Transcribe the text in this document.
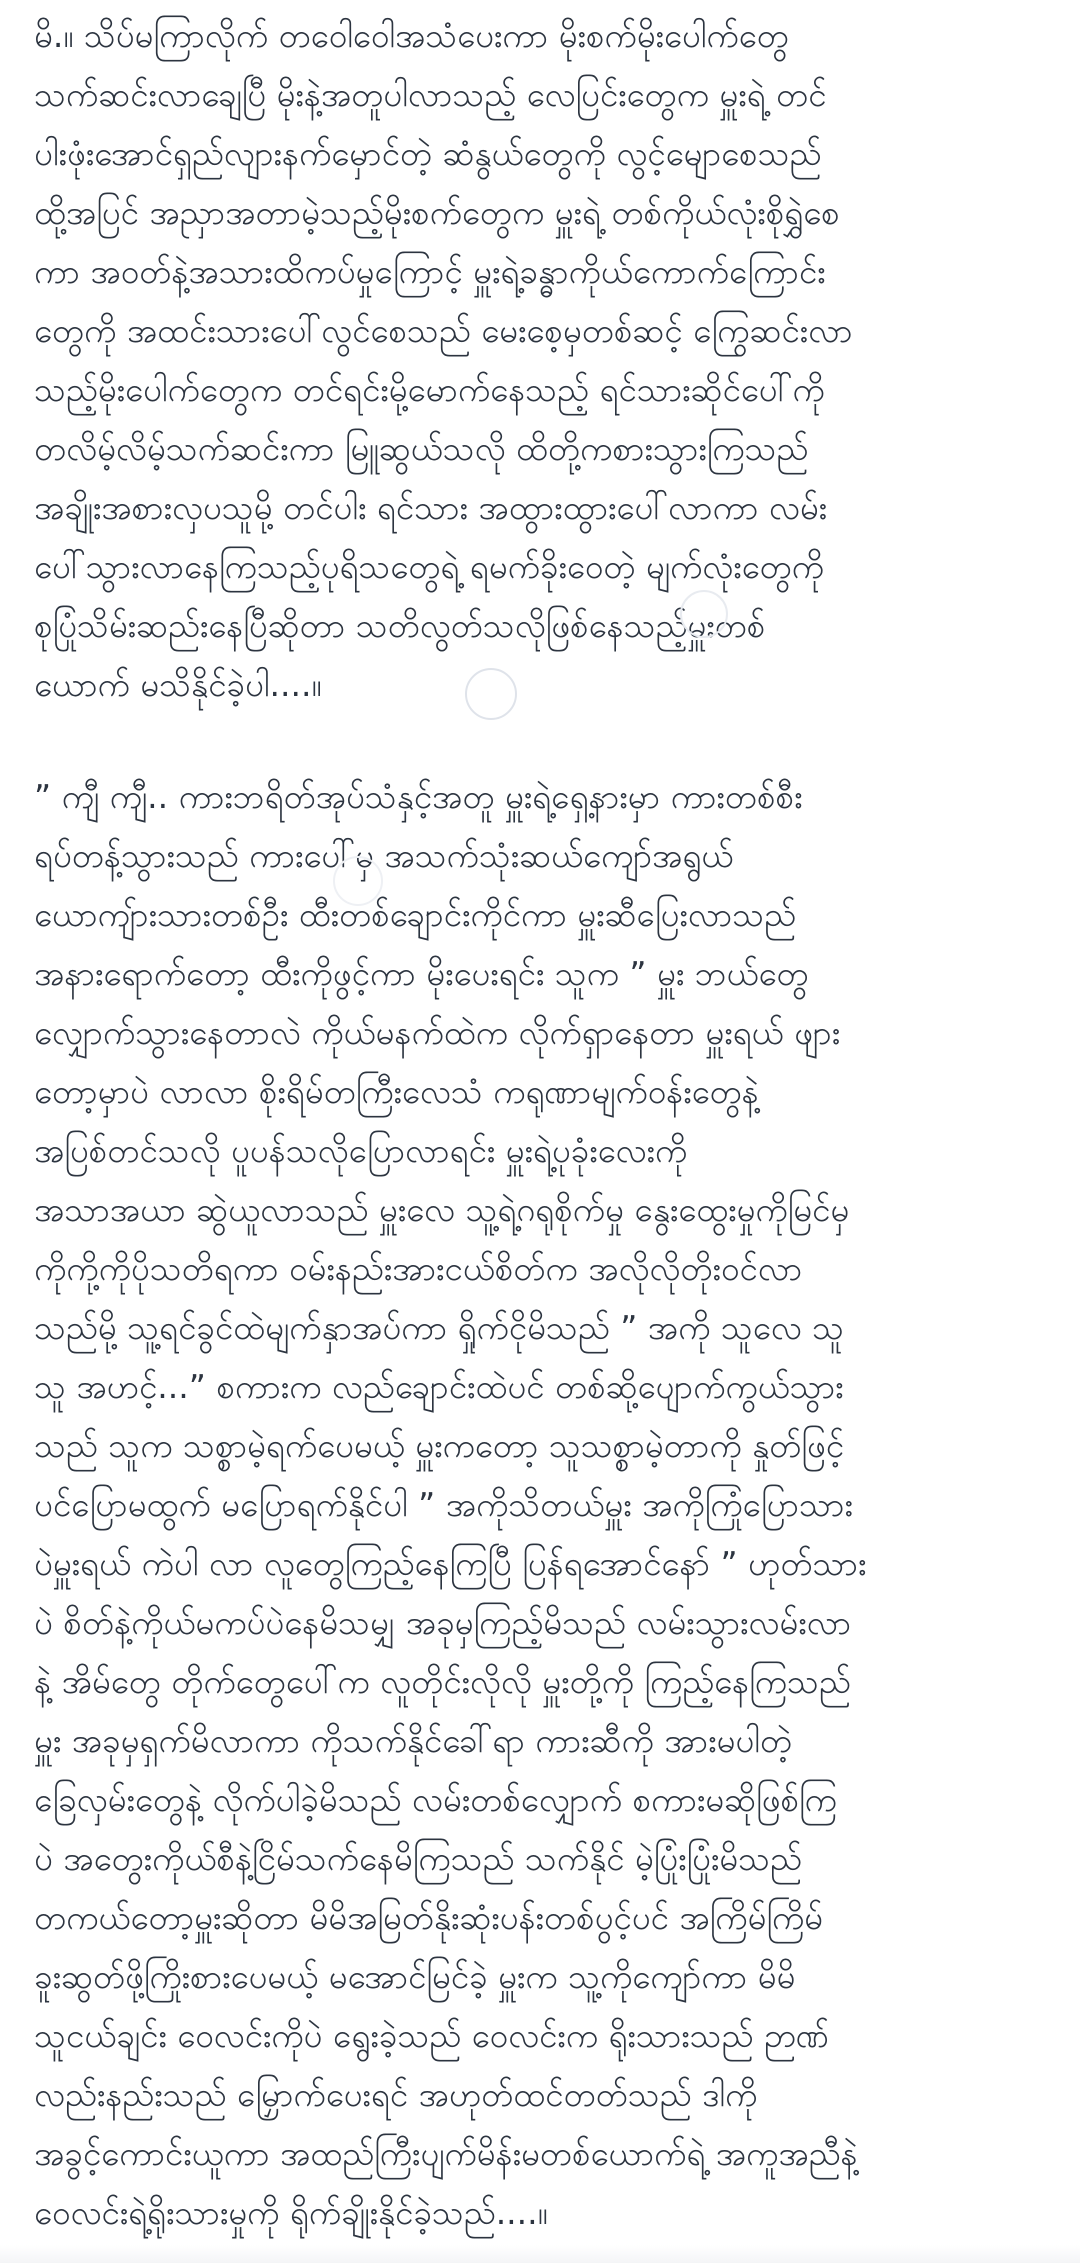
မိ.။ သိပ်မကြာလိုက် တဝေါဝေါအသံပေးကာ မိုးစက်မိုးပေါက်တွေ
သက်ဆင်းလာချေပြီ မိုးနဲ့အတူပါလာသည့် လေပြင်းတွေက မှူးရဲ့ တင်
ပါးဖုံးအောင်ရှည်လျားနက်မှောင်တဲ့ ဆံနွယ်တွေကို လွင့်မျောစေသည်
ထို့အပြင် အညှာအတာမဲ့သည့်မိုးစက်တွေက မှူးရဲ့ တစ်ကိုယ်လုံးစိုရွှဲစေ
ကာ အဝတ်နဲ့အသားထိကပ်မှုကြောင့် မှူးရဲ့ခန္ဓာကိုယ်ကောက်ကြောင်း
တွေကို အထင်းသားပေါ်လွင်စေသည် မေးစေ့မှတစ်ဆင့် ကြွေဆင်းလာ
သည့်မိုးပေါက်တွေက တင်ရင်းမို့မောက်နေသည့် ရင်သားဆိုင်ပေါ်ကို
တလိမ့်လိမ့်သက်ဆင်းကာ မြူဆွယ်သလို ထိတို့ကစားသွားကြသည်
အချိုးအစားလှပသူမို့ တင်ပါး ရင်သား အထွားထွားပေါ်လာကာ လမ်း
ပေါ်သွားလာနေကြသည့်ပုရိသတွေရဲ့ ရမက်ခိုးဝေတဲ့ မျက်လုံးတွေကို
စုပြုံသိမ်းဆည်းနေပြီဆိုတာ သတိလွတ်သလိုဖြစ်နေသည့်မှူးတစ်
ယောက် မသိနိုင်ခဲ့ပါ....။
” ကျီ ကျီ.. ကားဘရိတ်အုပ်သံနှင့်အတူ မှူးရဲ့ရှေ့နားမှာ ကားတစ်စီး
ရပ်တန့်သွားသည် ကားပေါ်မှ အသက်သုံးဆယ်ကျော်အရွယ်
ယောကျ်ားသားတစ်ဦး ထီးတစ်ချောင်းကိုင်ကာ မှူးဆီပြေးလာသည်
အနားရောက်တော့ ထီးကိုဖွင့်ကာ မိုးပေးရင်း သူက ” မှူး ဘယ်တွေ
လျှောက်သွားနေတာလဲ ကိုယ်မနက်ထဲက လိုက်ရှာနေတာ မှူးရယ် ဖျား
တော့မှာပဲ လာလာ စိုးရိမ်တကြီးလေသံ ကရုဏာမျက်ဝန်းတွေနဲ့
အပြစ်တင်သလို ပူပန်သလိုပြောလာရင်း မှူးရဲ့ပုခုံးလေးကို
အသာအယာ ဆွဲယူလာသည် မှူးလေ သူ့ရဲ့ဂရုစိုက်မှု နွေးထွေးမှုကိုမြင်မှ
ကိုကို့ကိုပိုသတိရကာ ဝမ်းနည်းအားငယ်စိတ်က အလိုလိုတိုးဝင်လာ
သည်မို့ သူ့ရင်ခွင်ထဲမျက်နှာအပ်ကာ ရှိုက်ငိုမိသည် ” အကို သူလေ သူ
သူ အဟင့်...” စကားက လည်ချောင်းထဲပင် တစ်ဆို့ပျောက်ကွယ်သွား
သည် သူက သစ္စာမဲ့ရက်ပေမယ့် မှူးကတော့ သူသစ္စာမဲ့တာကို နှုတ်ဖြင့်
ပင်ပြောမထွက် မပြောရက်နိုင်ပါ ” အကိုသိတယ်မှူး အကိုကြုံပြောသား
ပဲမှူးရယ် ကဲပါ လာ လူတွေကြည့်နေကြပြီ ပြန်ရအောင်နော် ” ဟုတ်သား
ပဲ စိတ်နဲ့ကိုယ်မကပ်ပဲနေမိသမျှ အခုမှကြည့်မိသည် လမ်းသွားလမ်းလာ
နဲ့ အိမ်တွေ တိုက်တွေပေါ်က လူတိုင်းလိုလို မှူးတို့ကို ကြည့်နေကြသည်
မှူး အခုမှရှက်မိလာကာ ကိုသက်နိုင်ခေါ်ရာ ကားဆီကို အားမပါတဲ့
ခြေလှမ်းတွေနဲ့ လိုက်ပါခဲ့မိသည် လမ်းတစ်လျှောက် စကားမဆိုဖြစ်ကြ
ပဲ အတွေးကိုယ်စီနဲ့ငြိမ်သက်နေမိကြသည် သက်နိုင် မဲ့ပြုံးပြုံးမိသည်
တကယ်တော့မှူးဆိုတာ မိမိအမြတ်နိုးဆုံးပန်းတစ်ပွင့်ပင် အကြိမ်ကြိမ်
ခူးဆွတ်ဖို့ကြိုးစားပေမယ့် မအောင်မြင်ခဲ့ မှူးက သူ့ကိုကျော်ကာ မိမိ
သူငယ်ချင်း ဝေလင်းကိုပဲ ရွေးခဲ့သည် ဝေလင်းက ရိုးသားသည် ဉာဏ်
လည်းနည်းသည် မြှောက်ပေးရင် အဟုတ်ထင်တတ်သည် ဒါကို
အခွင့်ကောင်းယူကာ အထည်ကြီးပျက်မိန်းမတစ်ယောက်ရဲ့ အကူအညီနဲ့
ဝေလင်းရဲ့ရိုးသားမှုကို ရိုက်ချိုးနိုင်ခဲ့သည်....။
